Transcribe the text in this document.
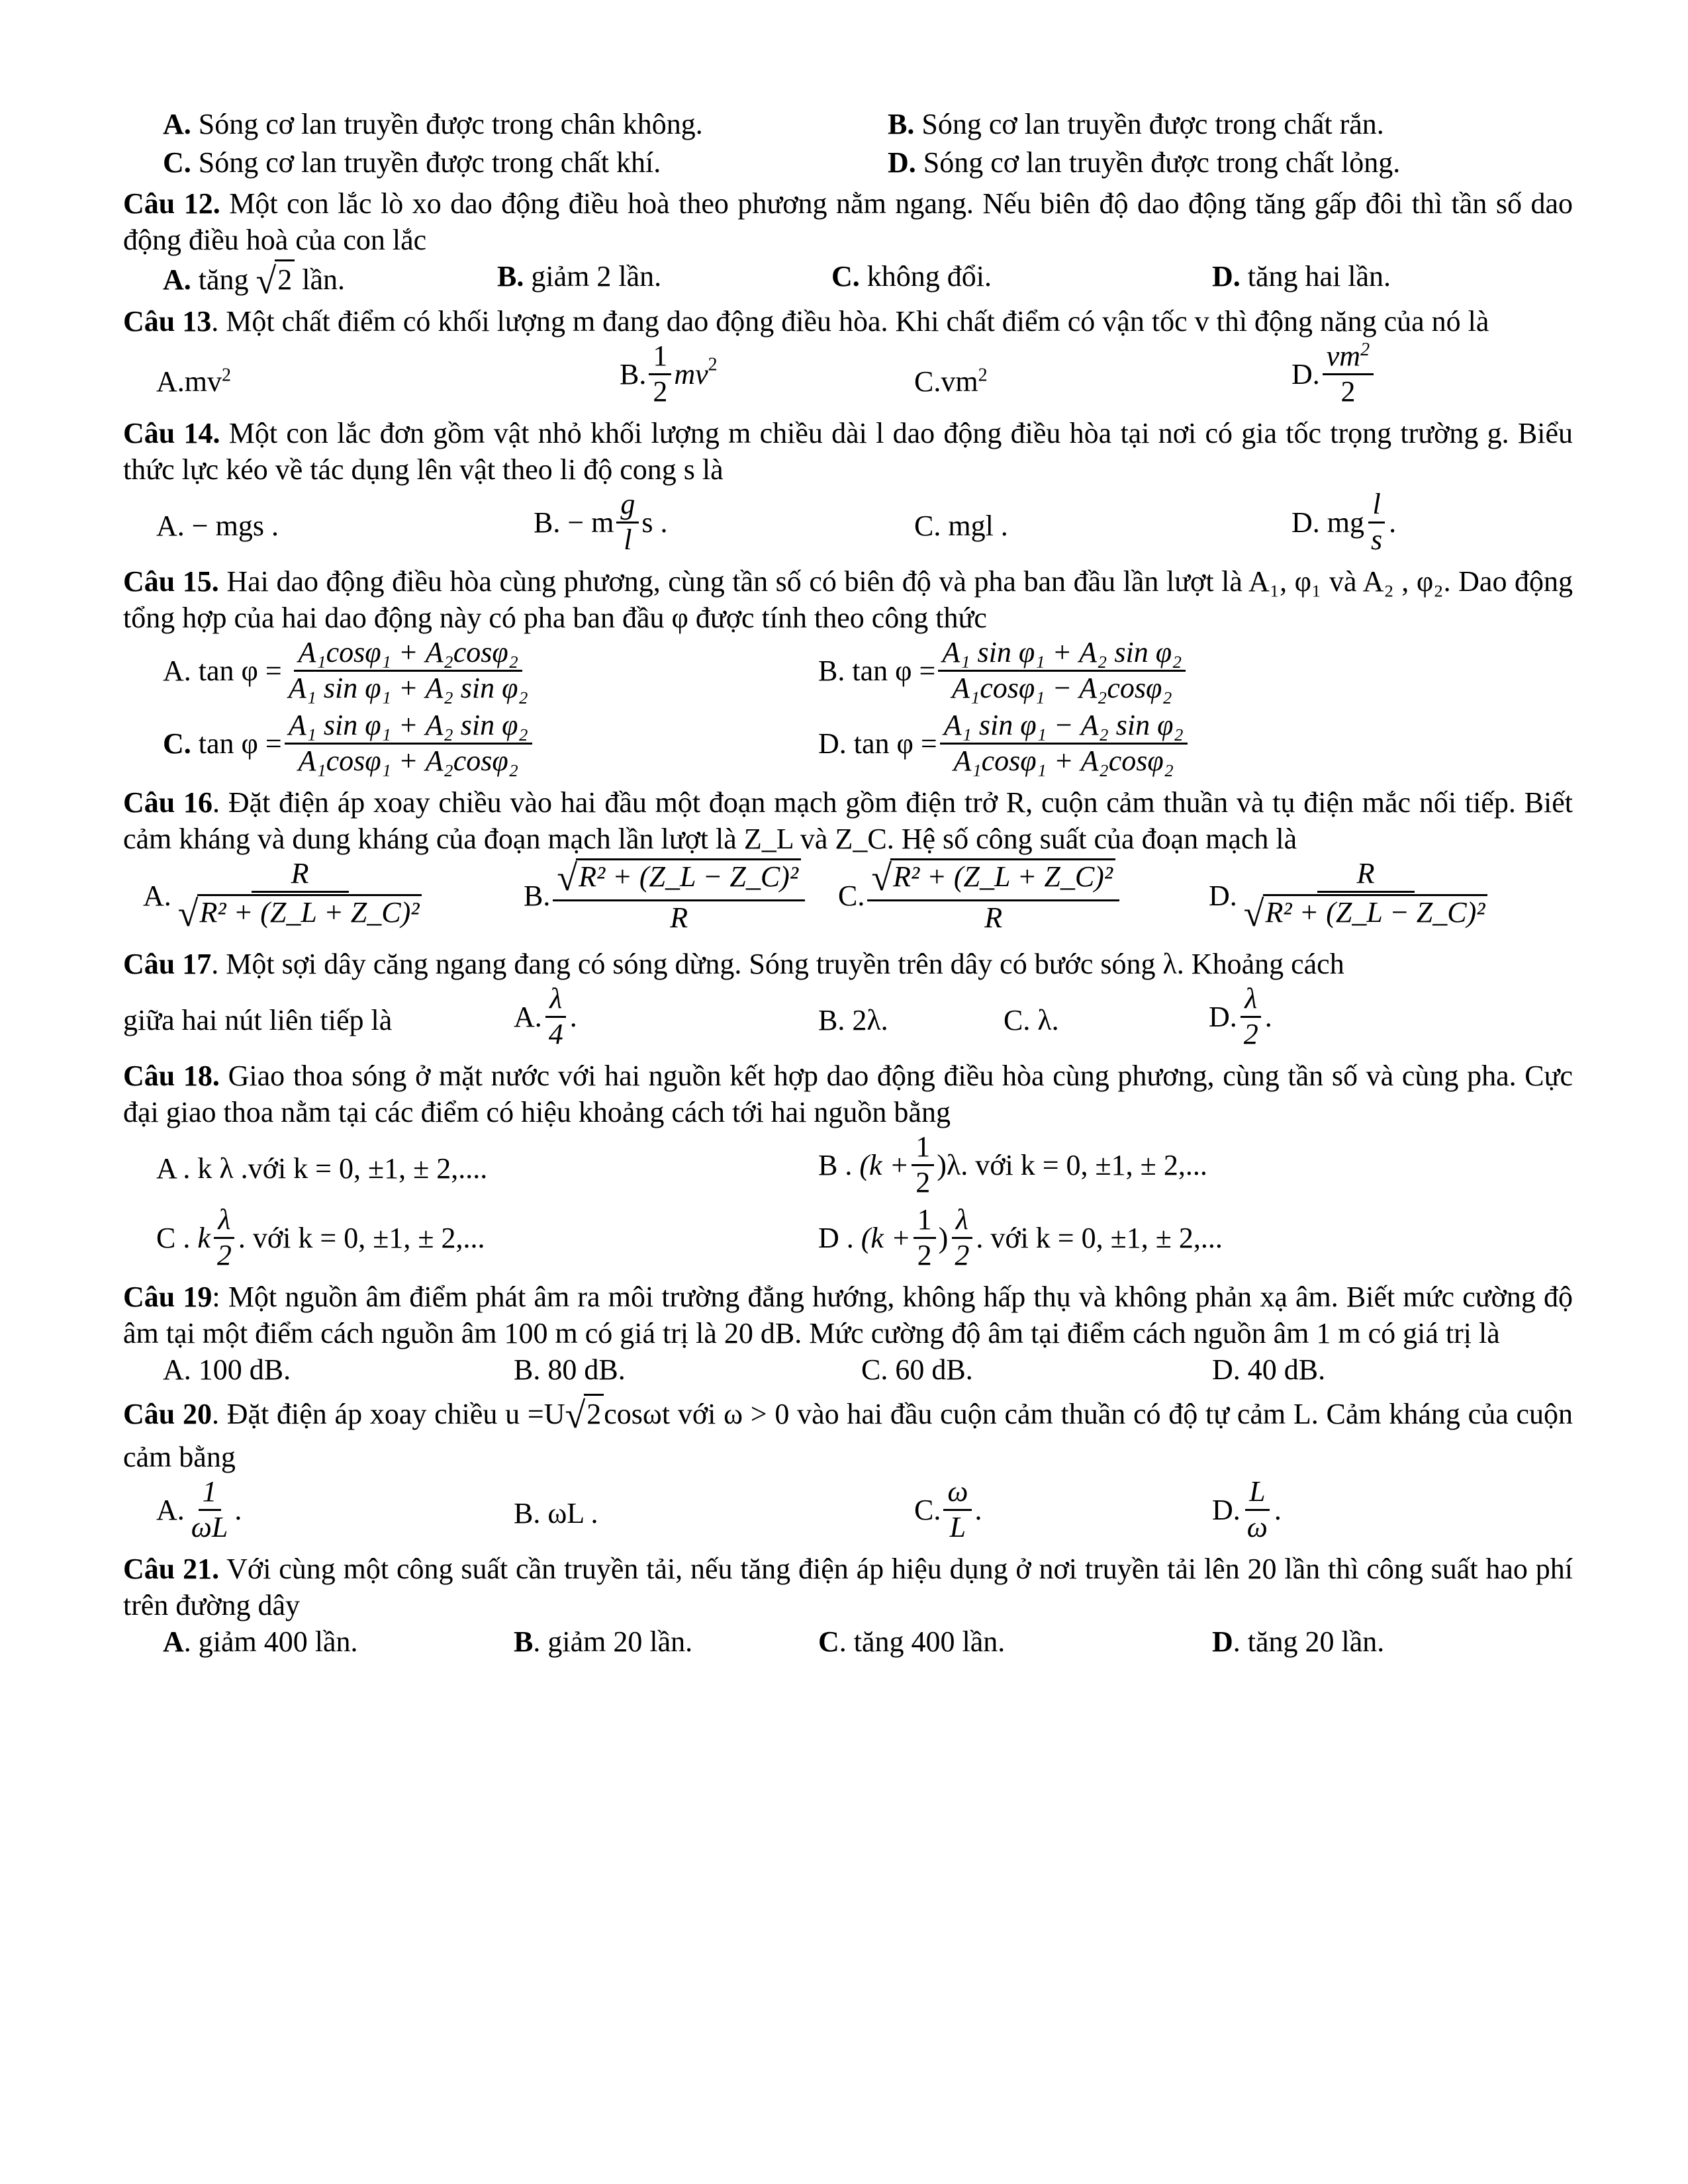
A. Sóng cơ lan truyền được trong chân không.	B. Sóng cơ lan truyền được trong chất rắn.
C. Sóng cơ lan truyền được trong chất khí.	D. Sóng cơ lan truyền được trong chất lỏng.

Câu 12. Một con lắc lò xo dao động điều hoà theo phương nằm ngang. Nếu biên độ dao động tăng gấp đôi thì tần số dao động điều hoà của con lắc

A. tăng √2 lần.	B. giảm 2 lần.	C. không đổi.	D. tăng hai lần.

Câu 13. Một chất điểm có khối lượng m đang dao động điều hòa. Khi chất điểm có vận tốc v thì động năng của nó là

$A.mv^2$	B. $\frac{1}{2} mv^2$
$C.vm^2$	D. $\frac{vm^2}{2}$

Câu 14. Một con lắc đơn gồm vật nhỏ khối lượng m chiều dài l dao động điều hòa tại nơi có gia tốc trọng trường g. Biểu thức lực kéo về tác dụng lên vật theo li độ cong s là

A. − mgs .	B. − m $\frac{g}{l}$ s .	C. mgl .	D. mg $\frac{l}{s}$ .

Câu 15. Hai dao động điều hòa cùng phương, cùng tần số có biên độ và pha ban đầu lần lượt là A₁, φ₁ và A₂ , φ₂. Dao động tổng hợp của hai dao động này có pha ban đầu φ được tính theo công thức

A. $\tan \varphi = \frac{\text{A₁cosφ₁ + A₂cosφ₂}}{\text{A₁ sin φ₁ + A₂ sin φ₂}}$	B. $\tan \varphi = \frac{\text{A₁ sin φ₁ + A₂ sin φ₂}}{\text{A₁cosφ₁ − A₂cosφ₂}}$
C. $\tan \varphi = \frac{\text{A₁ sin φ₁ + A₂ sin φ₂}}{\text{A₁cosφ₁ + A₂cosφ₂}}$	D. $\tan \varphi = \frac{\text{A₁ sin φ₁ − A₂ sin φ₂}}{\text{A₁cosφ₁ + A₂cosφ₂}}$

Câu 16. Đặt điện áp xoay chiều vào hai đầu một đoạn mạch gồm điện trở R, cuộn cảm thuần và tụ điện mắc nối tiếp. Biết cảm kháng và dung kháng của đoạn mạch lần lượt là Z_L và Z_C. Hệ số công suất của đoạn mạch là

A. $\frac{R}{\text{√R² + (Z\_L + Z\_C)²}}$	B. $\frac{\text{√R² + (Z\_L − Z\_C)²}}{R} C$. $\frac{\text{√R² + (Z\_L + Z\_C)²}}{R}$	D. $\frac{R}{\text{√R² + (Z\_L − Z\_C)²}}$

Câu 17. Một sợi dây căng ngang đang có sóng dừng. Sóng truyền trên dây có bước sóng λ. Khoảng cách

giữa hai nút liên tiếp là	A. $\frac{\lambda}{4}$ .	B. 2λ.	C. λ.	D. $\frac{\lambda}{2}$ .

Câu 18. Giao thoa sóng ở mặt nước với hai nguồn kết hợp dao động điều hòa cùng phương, cùng tần số và cùng pha. Cực đại giao thoa nằm tại các điểm có hiệu khoảng cách tới hai nguồn bằng

A . k λ .với k = 0, ±1, ± 2,....	B . $(k + \frac{1}{2} )\lambda$. với k = 0, ±1, ± 2,...
C . k $\frac{\lambda}{2}$ . với k = 0, ±1, ± 2,...	D . ($k + \frac{1}{2}$ ) $\frac{\lambda}{2}$ . với k = 0, ±1, ± 2,...

Câu 19: Một nguồn âm điểm phát âm ra môi trường đẳng hướng, không hấp thụ và không phản xạ âm. Biết mức cường độ âm tại một điểm cách nguồn âm 100 m có giá trị là 20 dB. Mức cường độ âm tại điểm cách nguồn âm 1 m có giá trị là

A. 100 dB.	B. 80 dB.	C. 60 dB.	D. 40 dB.

Câu 20. Đặt điện áp xoay chiều u =U√2cosωt với ω > 0 vào hai đầu cuộn cảm thuần có độ tự cảm L. Cảm kháng của cuộn cảm bằng

A. $\frac{1}{\omega L}$ .	B. ωL .	C. $\frac{\omega}{L}$ .	D. $\frac{L}{\omega}$ .

Câu 21. Với cùng một công suất cần truyền tải, nếu tăng điện áp hiệu dụng ở nơi truyền tải lên 20 lần thì công suất hao phí trên đường dây

A. giảm 400 lần.	B. giảm 20 lần.	C. tăng 400 lần.	D. tăng 20 lần.
